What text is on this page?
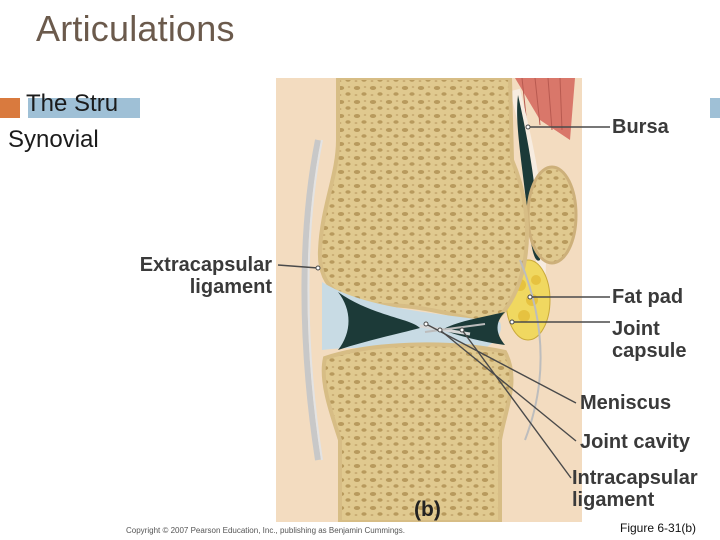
Articulations
The Stru
Synovial	Bursa
Extracapsular
ligament	Fat pad
Joint
capsule
Meniscus
Joint cavity
Intracapsular
ligament
(b)
Copyright © 2007 Pearson Education, Inc., publishing as Benjamin Cummings.	Figure 6-31(b)
